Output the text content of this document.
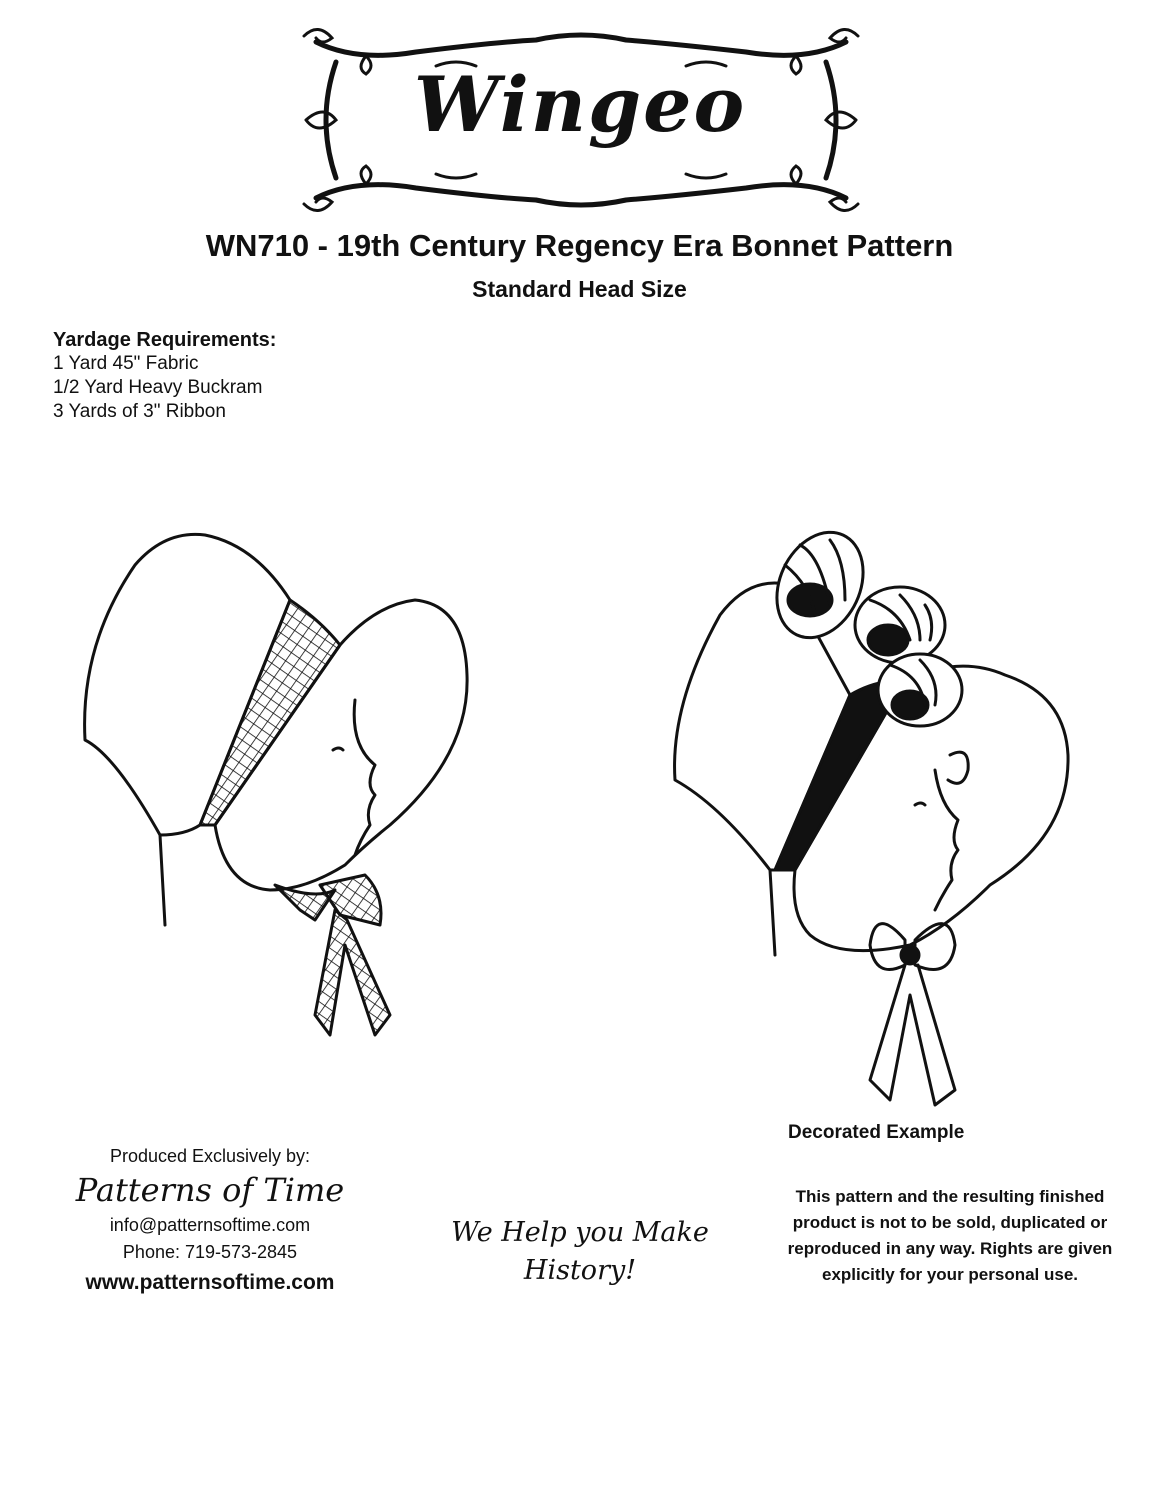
Wingeo
WN710 - 19th Century Regency Era Bonnet Pattern
Standard Head Size
Yardage Requirements:
1 Yard 45" Fabric
1/2 Yard Heavy Buckram
3 Yards of 3" Ribbon
Decorated Example
Produced Exclusively by:
Patterns of Time
info@patternsoftime.com
Phone: 719-573-2845
www.patternsoftime.com
We Help you Make
History!
This pattern and the resulting finished
product is not to be sold, duplicated or
reproduced in any way. Rights are given
explicitly for your personal use.
